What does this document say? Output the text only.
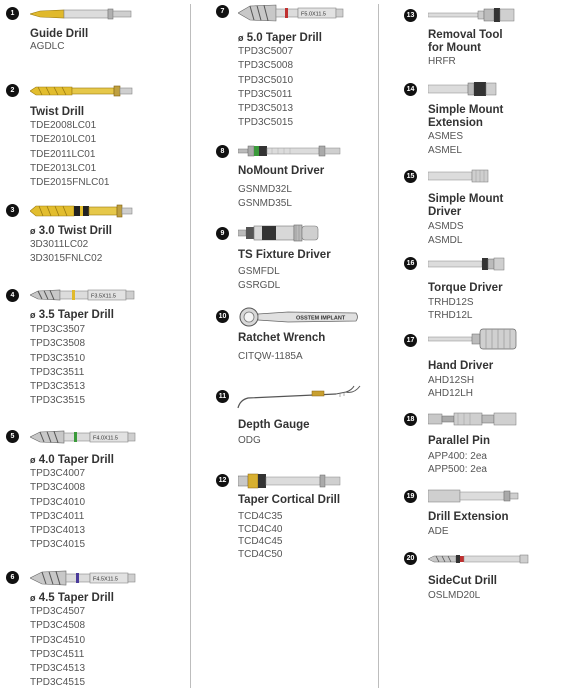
1
Guide Drill
AGDLC
2
Twist Drill
TDE2008LC01
TDE2010LC01
TDE2011LC01
TDE2013LC01
TDE2015FNLC01
3
ø 3.0 Twist Drill
3D3011LC02
3D3015FNLC02
4	F3.5X11.5
ø 3.5 Taper Drill
TPD3C3507
TPD3C3508
TPD3C3510
TPD3C3511
TPD3C3513
TPD3C3515
5	F4.0X11.5
ø 4.0 Taper Drill
TPD3C4007
TPD3C4008
TPD3C4010
TPD3C4011
TPD3C4013
TPD3C4015
6	F4.5X11.5
ø 4.5 Taper Drill
TPD3C4507
TPD3C4508
TPD3C4510
TPD3C4511
TPD3C4513
TPD3C4515
7	F5.0X11.5
ø 5.0 Taper Drill
TPD3C5007
TPD3C5008
TPD3C5010
TPD3C5011
TPD3C5013
TPD3C5015
8
NoMount Driver
GSNMD32L
GSNMD35L
9
TS Fixture Driver
GSMFDL
GSRGDL
10	OSSTEM IMPLANT
Ratchet Wrench
CITQW-1185A
11
Depth Gauge
ODG
12
Taper Cortical Drill
TCD4C35
TCD4C40
TCD4C45
TCD4C50
13
Removal Tool for Mount
HRFR
14
Simple Mount Extension
ASMES
ASMEL
15
Simple Mount Driver
ASMDS
ASMDL
16
Torque Driver
TRHD12S
TRHD12L
17
Hand Driver
AHD12SH
AHD12LH
18
Parallel Pin
APP400: 2ea
APP500: 2ea
19
Drill Extension
ADE
20
SideCut Drill
OSLMD20L
